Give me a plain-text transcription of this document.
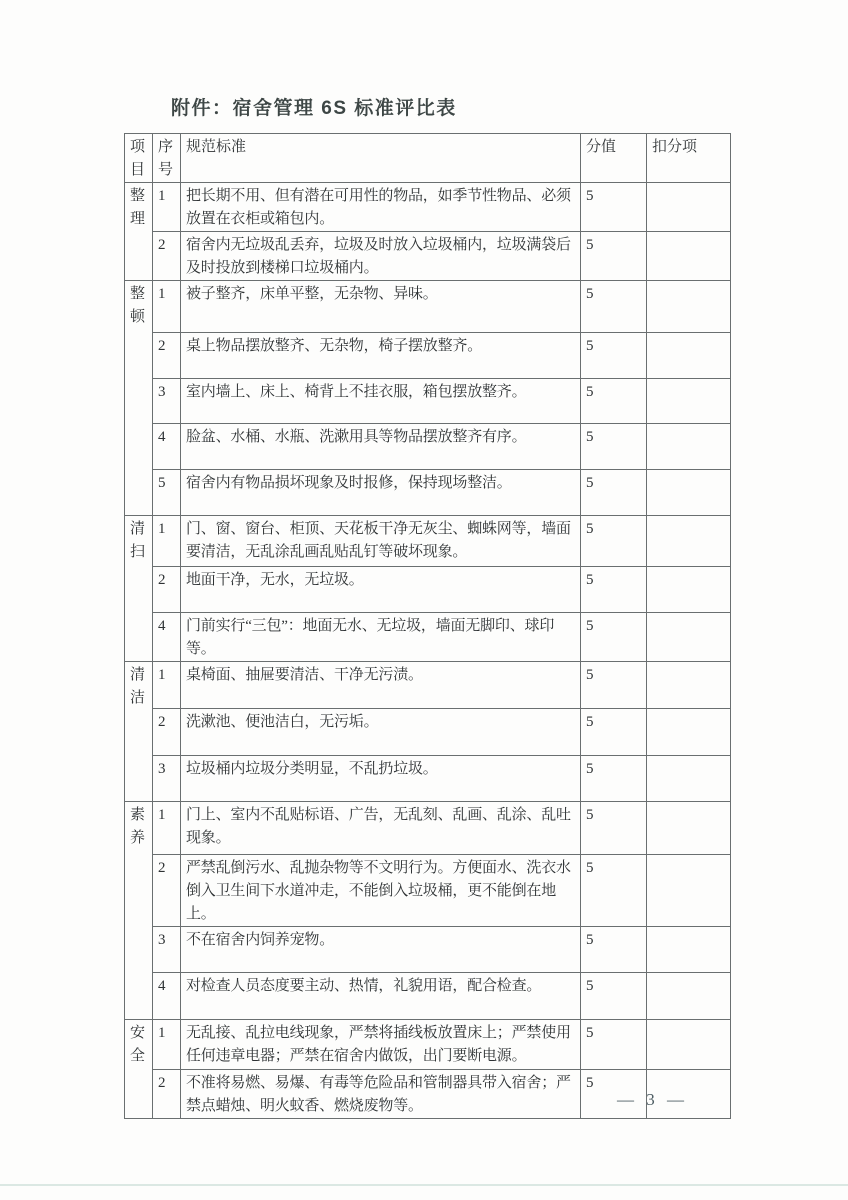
附件：宿舍管理 6S 标准评比表
项目	序号	规范标准	分值	扣分项
整理	1	把长期不用、但有潜在可用性的物品，如季节性物品、必须放置在衣柜或箱包内。	5	
	2	宿舍内无垃圾乱丢弃，垃圾及时放入垃圾桶内，垃圾满袋后及时投放到楼梯口垃圾桶内。	5	
整顿	1	被子整齐，床单平整，无杂物、异味。	5	
	2	桌上物品摆放整齐、无杂物，椅子摆放整齐。	5	
	3	室内墙上、床上、椅背上不挂衣服，箱包摆放整齐。	5	
	4	脸盆、水桶、水瓶、洗漱用具等物品摆放整齐有序。	5	
	5	宿舍内有物品损坏现象及时报修，保持现场整洁。	5	
清扫	1	门、窗、窗台、柜顶、天花板干净无灰尘、蜘蛛网等，墙面要清洁，无乱涂乱画乱贴乱钉等破坏现象。	5	
	2	地面干净，无水，无垃圾。	5	
	4	门前实行“三包”：地面无水、无垃圾，墙面无脚印、球印等。	5	
清洁	1	桌椅面、抽屉要清洁、干净无污渍。	5	
	2	洗漱池、便池洁白，无污垢。	5	
	3	垃圾桶内垃圾分类明显，不乱扔垃圾。	5	
素养	1	门上、室内不乱贴标语、广告，无乱刻、乱画、乱涂、乱吐现象。	5	
	2	严禁乱倒污水、乱抛杂物等不文明行为。方便面水、洗衣水倒入卫生间下水道冲走，不能倒入垃圾桶，更不能倒在地上。	5	
	3	不在宿舍内饲养宠物。	5	
	4	对检查人员态度要主动、热情，礼貌用语，配合检查。	5	
安全	1	无乱接、乱拉电线现象，严禁将插线板放置床上；严禁使用任何违章电器；严禁在宿舍内做饭，出门要断电源。	5	
	2	不准将易燃、易爆、有毒等危险品和管制器具带入宿舍；严禁点蜡烛、明火蚊香、燃烧废物等。	5	
— 3 —
